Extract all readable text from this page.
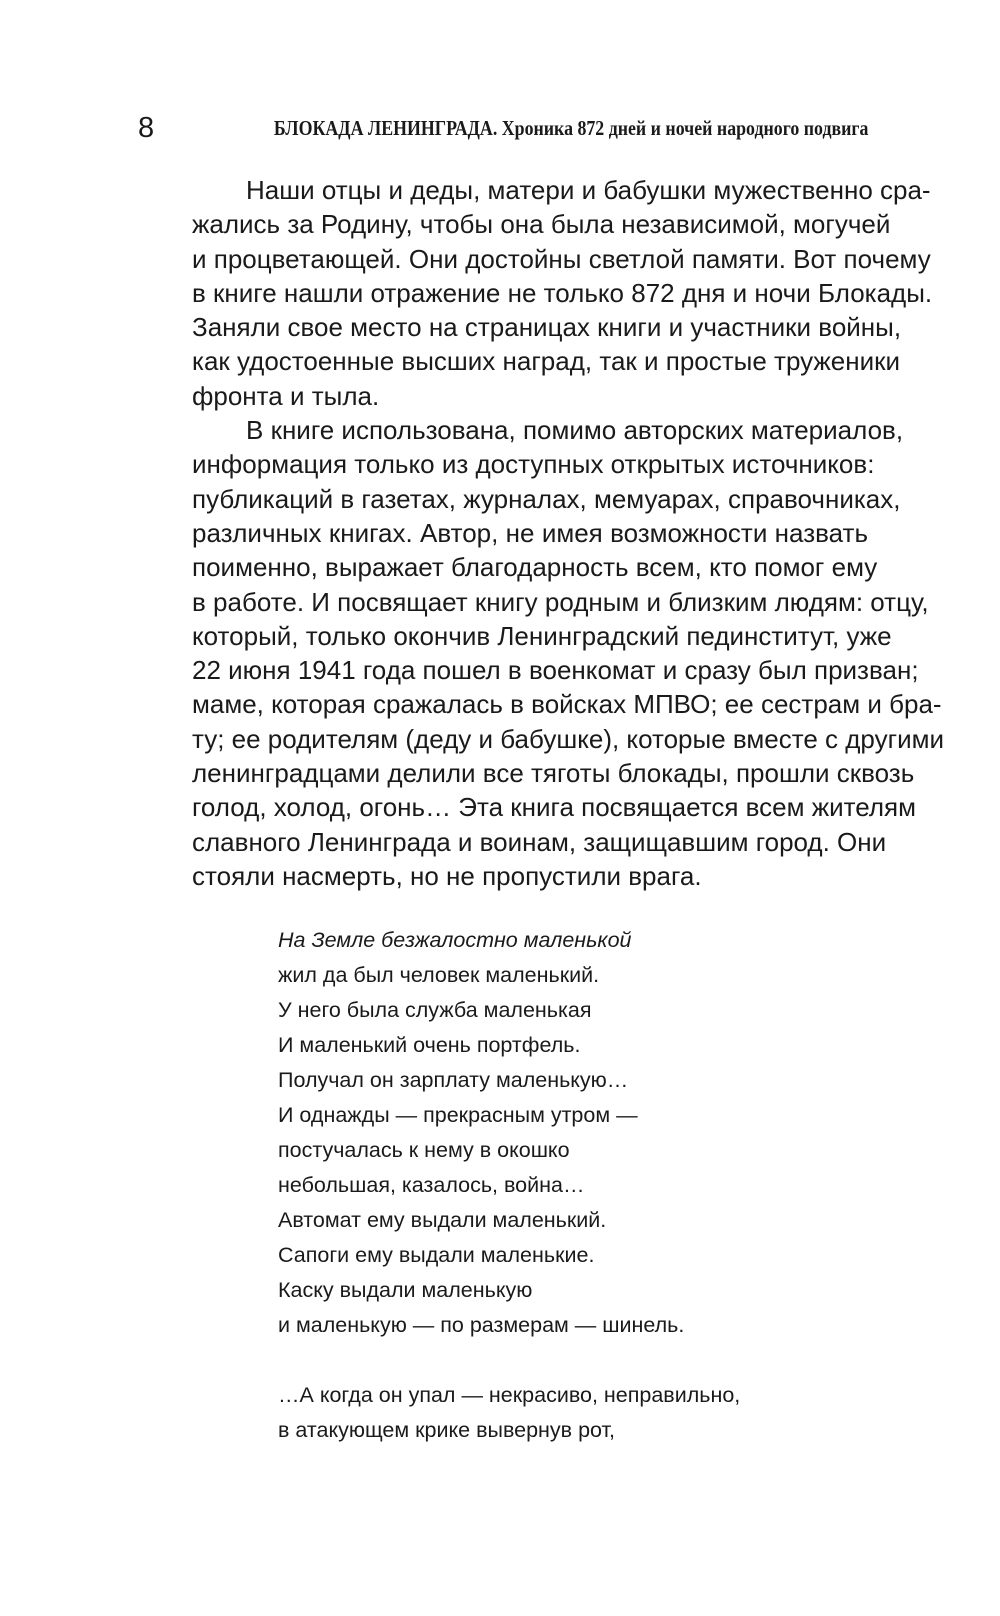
8	БЛОКАДА ЛЕНИНГРАДА. Хроника 872 дней и ночей народного подвига

Наши отцы и деды, матери и бабушки мужественно сра-
жались за Родину, чтобы она была независимой, могучей
и процветающей. Они достойны светлой памяти. Вот почему
в книге нашли отражение не только 872 дня и ночи Блокады.
Заняли свое место на страницах книги и участники войны,
как удостоенные высших наград, так и простые труженики
фронта и тыла.

В книге использована, помимо авторских материалов,
информация только из доступных открытых источников:
публикаций в газетах, журналах, мемуарах, справочниках,
различных книгах. Автор, не имея возможности назвать
поименно, выражает благодарность всем, кто помог ему
в работе. И посвящает книгу родным и близким людям: отцу,
который, только окончив Ленинградский пединститут, уже
22 июня 1941 года пошел в военкомат и сразу был призван;
маме, которая сражалась в войсках МПВО; ее сестрам и бра-
ту; ее родителям (деду и бабушке), которые вместе с другими
ленинградцами делили все тяготы блокады, прошли сквозь
голод, холод, огонь… Эта книга посвящается всем жителям
славного Ленинграда и воинам, защищавшим город. Они
стояли насмерть, но не пропустили врага.

На Земле безжалостно маленькой
жил да был человек маленький.
У него была служба маленькая
И маленький очень портфель.
Получал он зарплату маленькую…
И однажды — прекрасным утром —
постучалась к нему в окошко
небольшая, казалось, война…
Автомат ему выдали маленький.
Сапоги ему выдали маленькие.
Каску выдали маленькую
и маленькую — по размерам — шинель.
…А когда он упал — некрасиво, неправильно,
в атакующем крике вывернув рот,
